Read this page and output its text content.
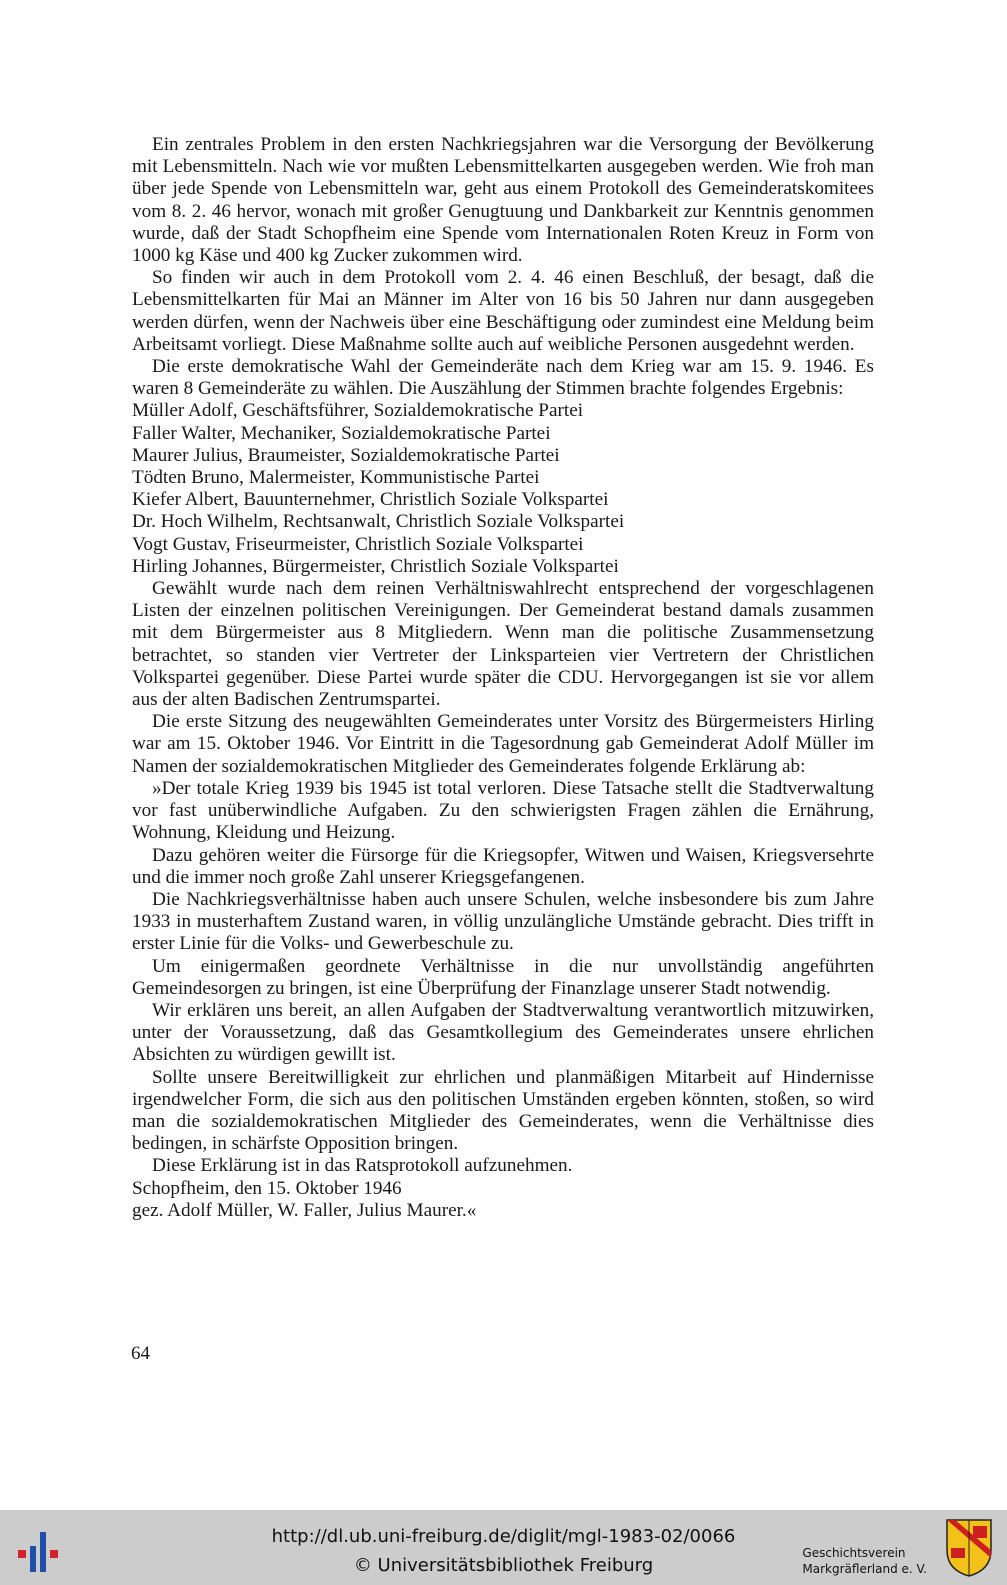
Ein zentrales Problem in den ersten Nachkriegsjahren war die Versorgung der Bevölkerung mit Lebensmitteln. Nach wie vor mußten Lebensmittelkarten ausgegeben werden. Wie froh man über jede Spende von Lebensmitteln war, geht aus einem Protokoll des Gemeinderatskomitees vom 8. 2. 46 hervor, wonach mit großer Genugtuung und Dankbarkeit zur Kenntnis genommen wurde, daß der Stadt Schopfheim eine Spende vom Internationalen Roten Kreuz in Form von 1000 kg Käse und 400 kg Zucker zukommen wird.

So finden wir auch in dem Protokoll vom 2. 4. 46 einen Beschluß, der besagt, daß die Lebensmittelkarten für Mai an Männer im Alter von 16 bis 50 Jahren nur dann ausgegeben werden dürfen, wenn der Nachweis über eine Beschäftigung oder zumindest eine Meldung beim Arbeitsamt vorliegt. Diese Maßnahme sollte auch auf weibliche Personen ausgedehnt werden.

Die erste demokratische Wahl der Gemeinderäte nach dem Krieg war am 15. 9. 1946. Es waren 8 Gemeinderäte zu wählen. Die Auszählung der Stimmen brachte folgendes Ergebnis:

Müller Adolf, Geschäftsführer, Sozialdemokratische Partei
Faller Walter, Mechaniker, Sozialdemokratische Partei
Maurer Julius, Braumeister, Sozialdemokratische Partei
Tödten Bruno, Malermeister, Kommunistische Partei
Kiefer Albert, Bauunternehmer, Christlich Soziale Volkspartei
Dr. Hoch Wilhelm, Rechtsanwalt, Christlich Soziale Volkspartei
Vogt Gustav, Friseurmeister, Christlich Soziale Volkspartei
Hirling Johannes, Bürgermeister, Christlich Soziale Volkspartei

Gewählt wurde nach dem reinen Verhältniswahlrecht entsprechend der vorgeschlagenen Listen der einzelnen politischen Vereinigungen. Der Gemeinderat bestand damals zusammen mit dem Bürgermeister aus 8 Mitgliedern. Wenn man die politische Zusammensetzung betrachtet, so standen vier Vertreter der Linksparteien vier Vertretern der Christlichen Volkspartei gegenüber. Diese Partei wurde später die CDU. Hervorgegangen ist sie vor allem aus der alten Badischen Zentrumspartei.

Die erste Sitzung des neugewählten Gemeinderates unter Vorsitz des Bürgermeisters Hirling war am 15. Oktober 1946. Vor Eintritt in die Tagesordnung gab Gemeinderat Adolf Müller im Namen der sozialdemokratischen Mitglieder des Gemeinderates folgende Erklärung ab:

»Der totale Krieg 1939 bis 1945 ist total verloren. Diese Tatsache stellt die Stadtverwaltung vor fast unüberwindliche Aufgaben. Zu den schwierigsten Fragen zählen die Ernährung, Wohnung, Kleidung und Heizung.

Dazu gehören weiter die Fürsorge für die Kriegsopfer, Witwen und Waisen, Kriegsversehrte und die immer noch große Zahl unserer Kriegsgefangenen.

Die Nachkriegsverhältnisse haben auch unsere Schulen, welche insbesondere bis zum Jahre 1933 in musterhaftem Zustand waren, in völlig unzulängliche Umstände gebracht. Dies trifft in erster Linie für die Volks- und Gewerbeschule zu.

Um einigermaßen geordnete Verhältnisse in die nur unvollständig angeführten Gemeindesorgen zu bringen, ist eine Überprüfung der Finanzlage unserer Stadt notwendig.

Wir erklären uns bereit, an allen Aufgaben der Stadtverwaltung verantwortlich mitzuwirken, unter der Voraussetzung, daß das Gesamtkollegium des Gemeinderates unsere ehrlichen Absichten zu würdigen gewillt ist.

Sollte unsere Bereitwilligkeit zur ehrlichen und planmäßigen Mitarbeit auf Hindernisse irgendwelcher Form, die sich aus den politischen Umständen ergeben könnten, stoßen, so wird man die sozialdemokratischen Mitglieder des Gemeinderates, wenn die Verhältnisse dies bedingen, in schärfste Opposition bringen.

Diese Erklärung ist in das Ratsprotokoll aufzunehmen.

Schopfheim, den 15. Oktober 1946

gez. Adolf Müller, W. Faller, Julius Maurer.«

64
http://dl.ub.uni-freiburg.de/diglit/mgl-1983-02/0066
© Universitätsbibliothek Freiburg
Geschichtsverein
Markgräflerland e. V.
